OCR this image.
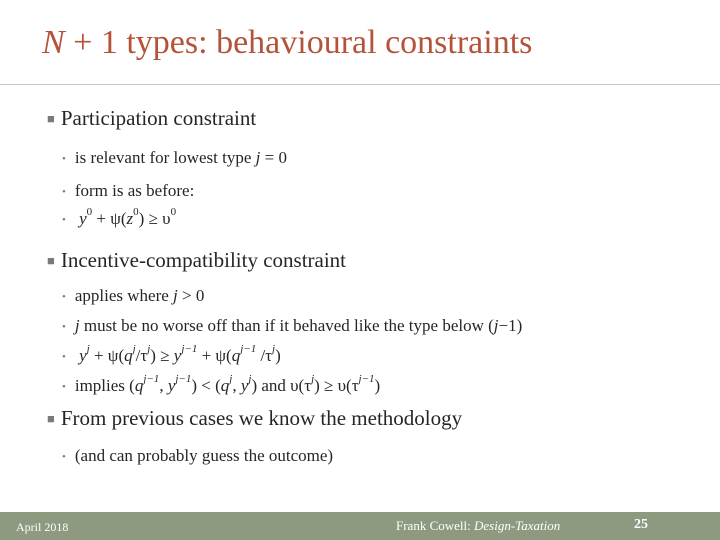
N + 1 types: behavioural constraints
■ Participation constraint
• is relevant for lowest type j = 0
• form is as before:
• $y^0 + \psi(z^0) \ge \upsilon^0$
■ Incentive-compatibility constraint
• applies where j > 0
• j must be no worse off than if it behaved like the type below (j−1)
• $y^j + \psi(q^j/\tau^j) \ge y^{j-1} + \psi(q^{j-1}$ $/\tau^j$)
• implies ($q^{j-1}$, $y^{j-1}) < (q^j$, $y^j$) and $\upsilon(\tau^j) \ge \upsilon(\tau^{j-1})$
■ From previous cases we know the methodology
• (and can probably guess the outcome)
April 2018	Frank Cowell: Design-Taxation	25
